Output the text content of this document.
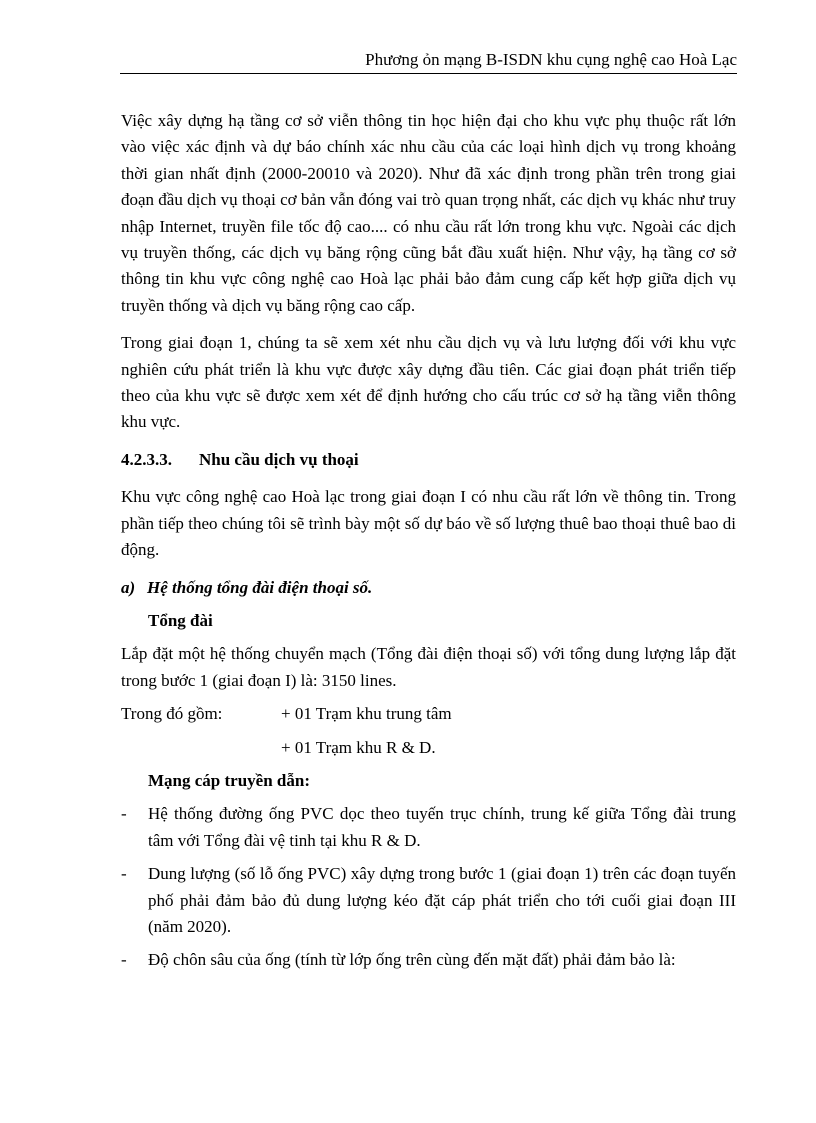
Phương ỏn mạng B-ISDN khu cụng nghệ cao Hoà Lạc

Việc xây dựng hạ tầng cơ sở viễn thông tin học hiện đại cho khu vực phụ thuộc rất lớn vào việc xác định và dự báo chính xác nhu cầu của các loại hình dịch vụ trong khoảng thời gian nhất định (2000-20010 và 2020). Như đã xác định trong phần trên trong giai đoạn đầu dịch vụ thoại cơ bản vẫn đóng vai trò quan trọng nhất, các dịch vụ khác như truy nhập Internet, truyền file tốc độ cao.... có nhu cầu rất lớn trong khu vực. Ngoài các dịch vụ truyền thống, các dịch vụ băng rộng cũng bắt đầu xuất hiện. Như vậy, hạ tầng cơ sở thông tin khu vực công nghệ cao Hoà lạc phải bảo đảm cung cấp kết hợp giữa dịch vụ truyền thống và dịch vụ băng rộng cao cấp.

Trong giai đoạn 1, chúng ta sẽ xem xét nhu cầu dịch vụ và lưu lượng đối với khu vực nghiên cứu phát triển là khu vực được xây dựng đầu tiên. Các giai đoạn phát triển tiếp theo của khu vực sẽ được xem xét để định hướng cho cấu trúc cơ sở hạ tầng viễn thông khu vực.

4.2.3.3. Nhu cầu dịch vụ thoại

Khu vực công nghệ cao Hoà lạc trong giai đoạn I có nhu cầu rất lớn về thông tin. Trong phần tiếp theo chúng tôi sẽ trình bày một số dự báo về số lượng thuê bao thoại thuê bao di động.

a) Hệ thống tổng đài điện thoại số.
Tổng đài

Lắp đặt một hệ thống chuyển mạch (Tổng đài điện thoại số) với tổng dung lượng lắp đặt trong bước 1 (giai đoạn I) là: 3150 lines.

Trong đó gồm:	+ 01 Trạm khu trung tâm
+ 01 Trạm khu R & D.
Mạng cáp truyền dẫn:
-	Hệ thống đường ống PVC dọc theo tuyến trục chính, trung kế giữa Tổng đài trung tâm với Tổng đài vệ tinh tại khu R & D.
-	Dung lượng (số lỗ ống PVC) xây dựng trong bước 1 (giai đoạn 1) trên các đoạn tuyến phố phải đảm bảo đủ dung lượng kéo đặt cáp phát triển cho tới cuối giai đoạn III (năm 2020).
-	Độ chôn sâu của ống (tính từ lớp ống trên cùng đến mặt đất) phải đảm bảo là:
